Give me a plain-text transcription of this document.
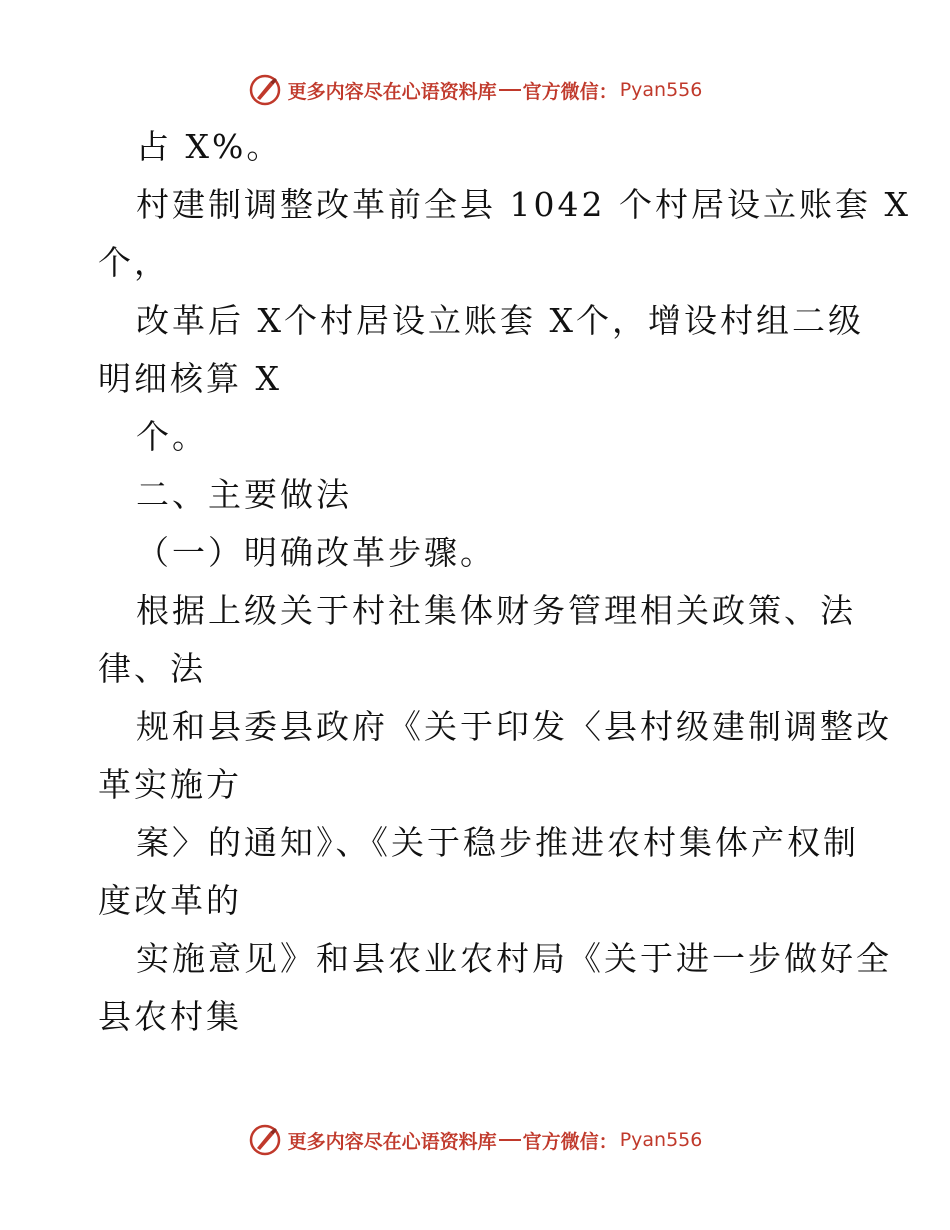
更多内容尽在心语资料库 官方微信： Pyan556
占 X%。
村建制调整改革前全县 1042 个村居设立账套 X
个，
改革后 X个村居设立账套 X个，增设村组二级
明细核算 X
个。
二、主要做法
（一）明确改革步骤。
根据上级关于村社集体财务管理相关政策、法
律、法
规和县委县政府《关于印发〈县村级建制调整改
革实施方
案〉的通知》、《关于稳步推进农村集体产权制
度改革的
实施意见》和县农业农村局《关于进一步做好全
县农村集
更多内容尽在心语资料库 官方微信： Pyan556
